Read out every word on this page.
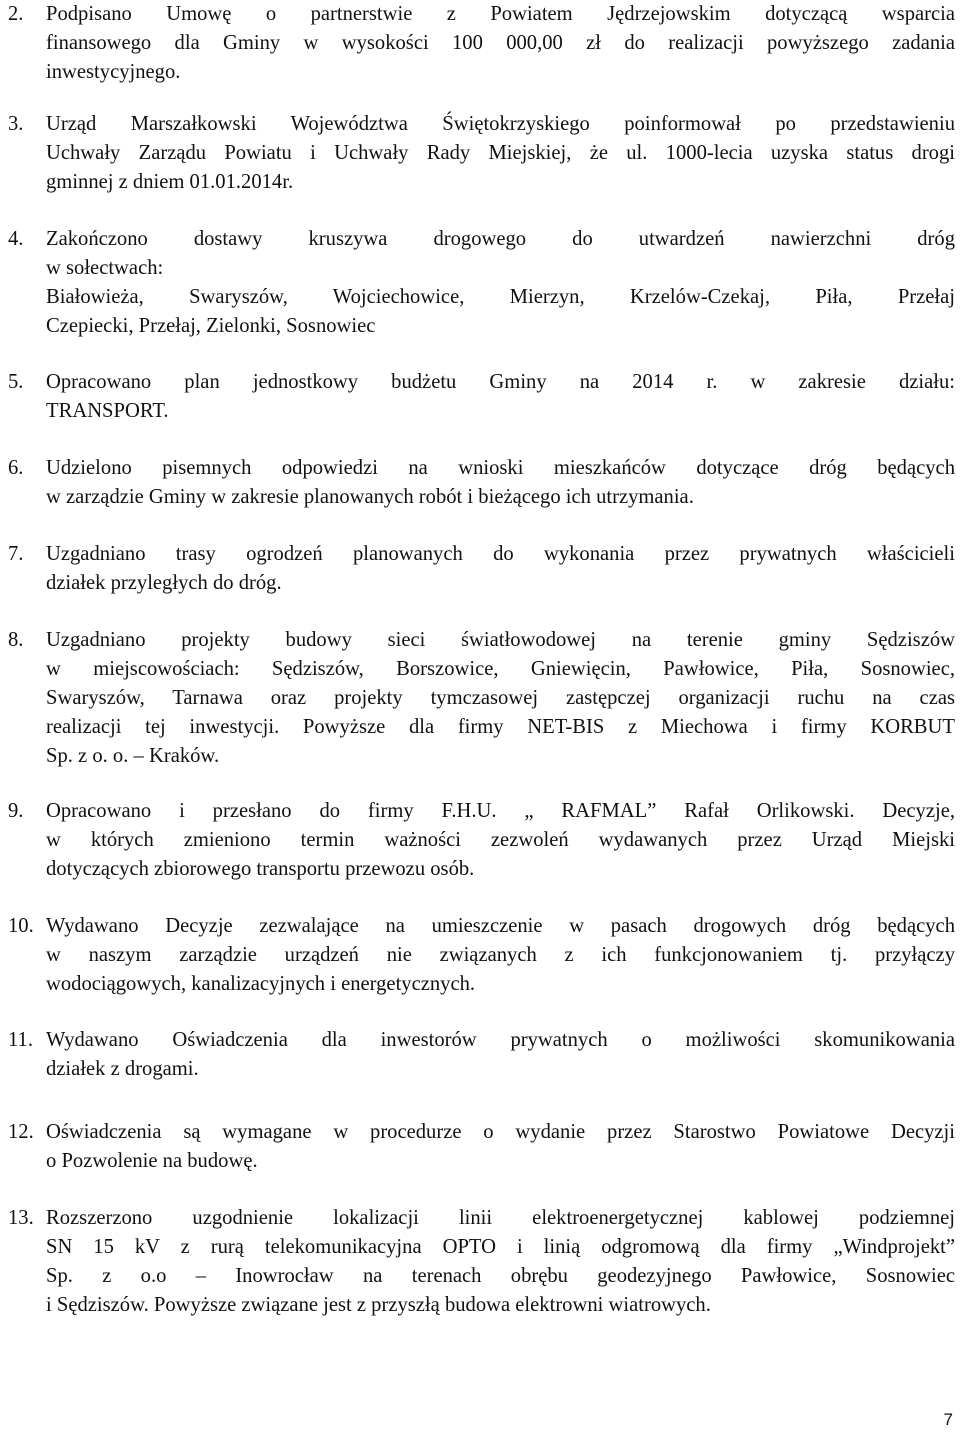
2. Podpisano Umowę o partnerstwie z Powiatem Jędrzejowskim dotyczącą wsparcia
finansowego dla Gminy w wysokości 100 000,00 zł do realizacji powyższego zadania
inwestycyjnego.
3. Urząd Marszałkowski Województwa Świętokrzyskiego poinformował po przedstawieniu
Uchwały Zarządu Powiatu i Uchwały Rady Miejskiej, że ul. 1000-lecia uzyska status drogi
gminnej z dniem 01.01.2014r.
4. Zakończono dostawy kruszywa drogowego do utwardzeń nawierzchni dróg
w sołectwach:
Białowieża, Swaryszów, Wojciechowice, Mierzyn, Krzelów-Czekaj, Piła, Przełaj
Czepiecki, Przełaj, Zielonki, Sosnowiec
5. Opracowano plan jednostkowy budżetu Gminy na 2014 r. w zakresie działu:
TRANSPORT.
6. Udzielono pisemnych odpowiedzi na wnioski mieszkańców dotyczące dróg będących
w zarządzie Gminy w zakresie planowanych robót i bieżącego ich utrzymania.
7. Uzgadniano trasy ogrodzeń planowanych do wykonania przez prywatnych właścicieli
działek przyległych do dróg.
8. Uzgadniano projekty budowy sieci światłowodowej na terenie gminy Sędziszów
w miejscowościach: Sędziszów, Borszowice, Gniewięcin, Pawłowice, Piła, Sosnowiec,
Swaryszów, Tarnawa oraz projekty tymczasowej zastępczej organizacji ruchu na czas
realizacji tej inwestycji. Powyższe dla firmy NET-BIS z Miechowa i firmy KORBUT
Sp. z o. o. – Kraków.
9. Opracowano i przesłano do firmy F.H.U. „ RAFMAL” Rafał Orlikowski. Decyzje,
w których zmieniono termin ważności zezwoleń wydawanych przez Urząd Miejski
dotyczących zbiorowego transportu przewozu osób.
10. Wydawano Decyzje zezwalające na umieszczenie w pasach drogowych dróg będących
w naszym zarządzie urządzeń nie związanych z ich funkcjonowaniem tj. przyłączy
wodociągowych, kanalizacyjnych i energetycznych.
11. Wydawano Oświadczenia dla inwestorów prywatnych o możliwości skomunikowania
działek z drogami.
12. Oświadczenia są wymagane w procedurze o wydanie przez Starostwo Powiatowe Decyzji
o Pozwolenie na budowę.
13. Rozszerzono uzgodnienie lokalizacji linii elektroenergetycznej kablowej podziemnej
SN 15 kV z rurą telekomunikacyjna OPTO i linią odgromową dla firmy „Windprojekt”
Sp. z o.o – Inowrocław na terenach obrębu geodezyjnego Pawłowice, Sosnowiec
i Sędziszów. Powyższe związane jest z przyszłą budowa elektrowni wiatrowych.
7
